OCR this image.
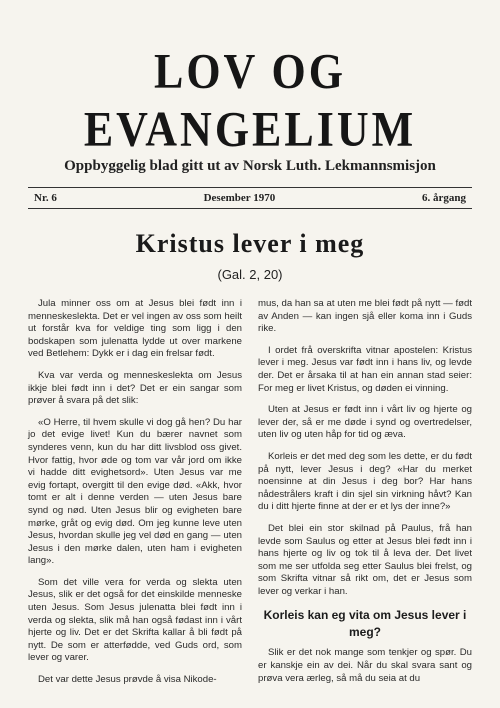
LOV OG EVANGELIUM
Oppbyggelig blad gitt ut av Norsk Luth. Lekmannsmisjon
Nr. 6	Desember 1970	6. årgang
Kristus lever i meg
(Gal. 2, 20)

Jula minner oss om at Jesus blei født inn i menneskeslekta. Det er vel ingen av oss som heilt ut forstår kva for veldige ting som ligg i den bodskapen som julenatta lydde ut over markene ved Betlehem: Dykk er i dag ein frelsar født.

Kva var verda og menneskeslekta om Jesus ikkje blei født inn i det? Det er ein sangar som prøver å svara på det slik:

«O Herre, til hvem skulle vi dog gå hen? Du har jo det evige livet! Kun du bærer navnet som synderes venn, kun du har ditt livsblod oss givet. Hvor fattig, hvor øde og tom var vår jord om ikke vi hadde ditt evighetsord». Uten Jesus var me evig fortapt, overgitt til den evige død. «Akk, hvor tomt er alt i denne verden — uten Jesus bare synd og nød. Uten Jesus blir og evigheten bare mørke, gråt og evig død. Om jeg kunne leve uten Jesus, hvordan skulle jeg vel død en gang — uten Jesus i den mørke dalen, uten ham i evigheten lang».

Som det ville vera for verda og slekta uten Jesus, slik er det også for det einskilde menneske uten Jesus. Som Jesus julenatta blei født inn i verda og slekta, slik må han også fødast inn i vårt hjerte og liv. Det er det Skrifta kallar å bli født på nytt. De som er atterfødde, ved Guds ord, som lever og varer.

Det var dette Jesus prøvde å visa Nikode-

mus, da han sa at uten me blei født på nytt — født av Anden — kan ingen sjå eller koma inn i Guds rike.

I ordet frå overskrifta vitnar apostelen: Kristus lever i meg. Jesus var født inn i hans liv, og levde der. Det er årsaka til at han ein annan stad seier: For meg er livet Kristus, og døden ei vinning.

Uten at Jesus er født inn i vårt liv og hjerte og lever der, så er me døde i synd og overtredelser, uten liv og uten håp for tid og æva.

Korleis er det med deg som les dette, er du født på nytt, lever Jesus i deg? «Har du merket noensinne at din Jesus i deg bor? Har hans nådestrålers kraft i din sjel sin virkning håvt? Kan du i ditt hjerte finne at der er et lys der inne?»

Det blei ein stor skilnad på Paulus, frå han levde som Saulus og etter at Jesus blei født inn i hans hjerte og liv og tok til å leva der. Det livet som me ser utfolda seg etter Saulus blei frelst, og som Skrifta vitnar så rikt om, det er Jesus som lever og verkar i han.

Korleis kan eg vita om Jesus lever i meg?

Slik er det nok mange som tenkjer og spør. Du er kanskje ein av dei. Når du skal svara sant og prøva vera ærleg, så må du seia at du
